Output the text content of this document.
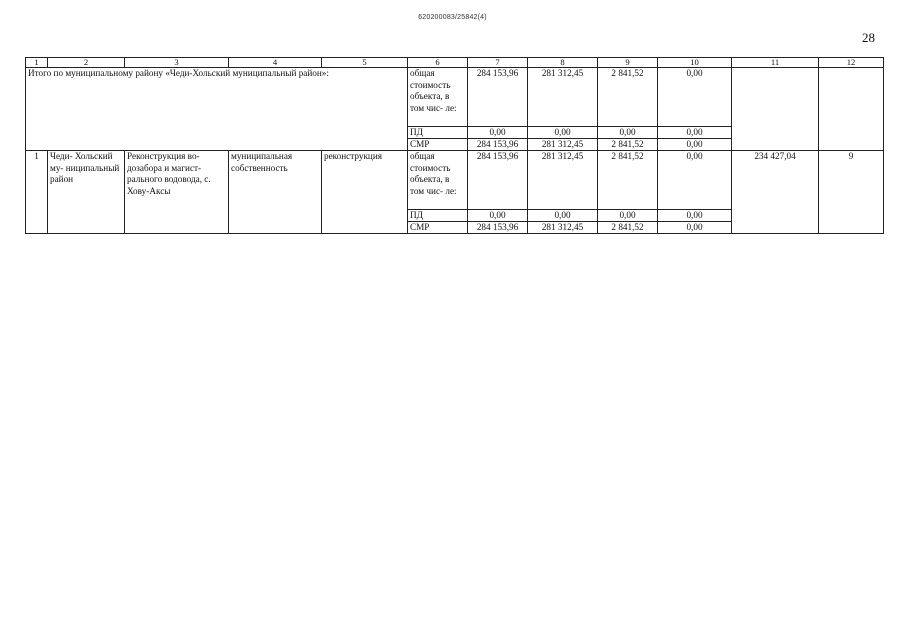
620200083/25842(4)
28
1	2	3	4	5	6	7	8	9	10	11	12
Итого по муниципальному району «Чеди-Хольский муниципальный район»:					общая стоимость объекта, в том чис- ле:	284 153,96	281 312,45	2 841,52	0,00		
					ПД	0,00	0,00	0,00	0,00		
					СМР	284 153,96	281 312,45	2 841,52	0,00		
1	Чеди- Хольский му- ниципальный район	Реконструкция во- дозабора и магист- рального водовода, с. Хову-Аксы	муниципальная собственность	реконструкция	общая стоимость объекта, в том чис- ле:	284 153,96	281 312,45	2 841,52	0,00	234 427,04	9
					ПД	0,00	0,00	0,00	0,00		
					СМР	284 153,96	281 312,45	2 841,52	0,00		
